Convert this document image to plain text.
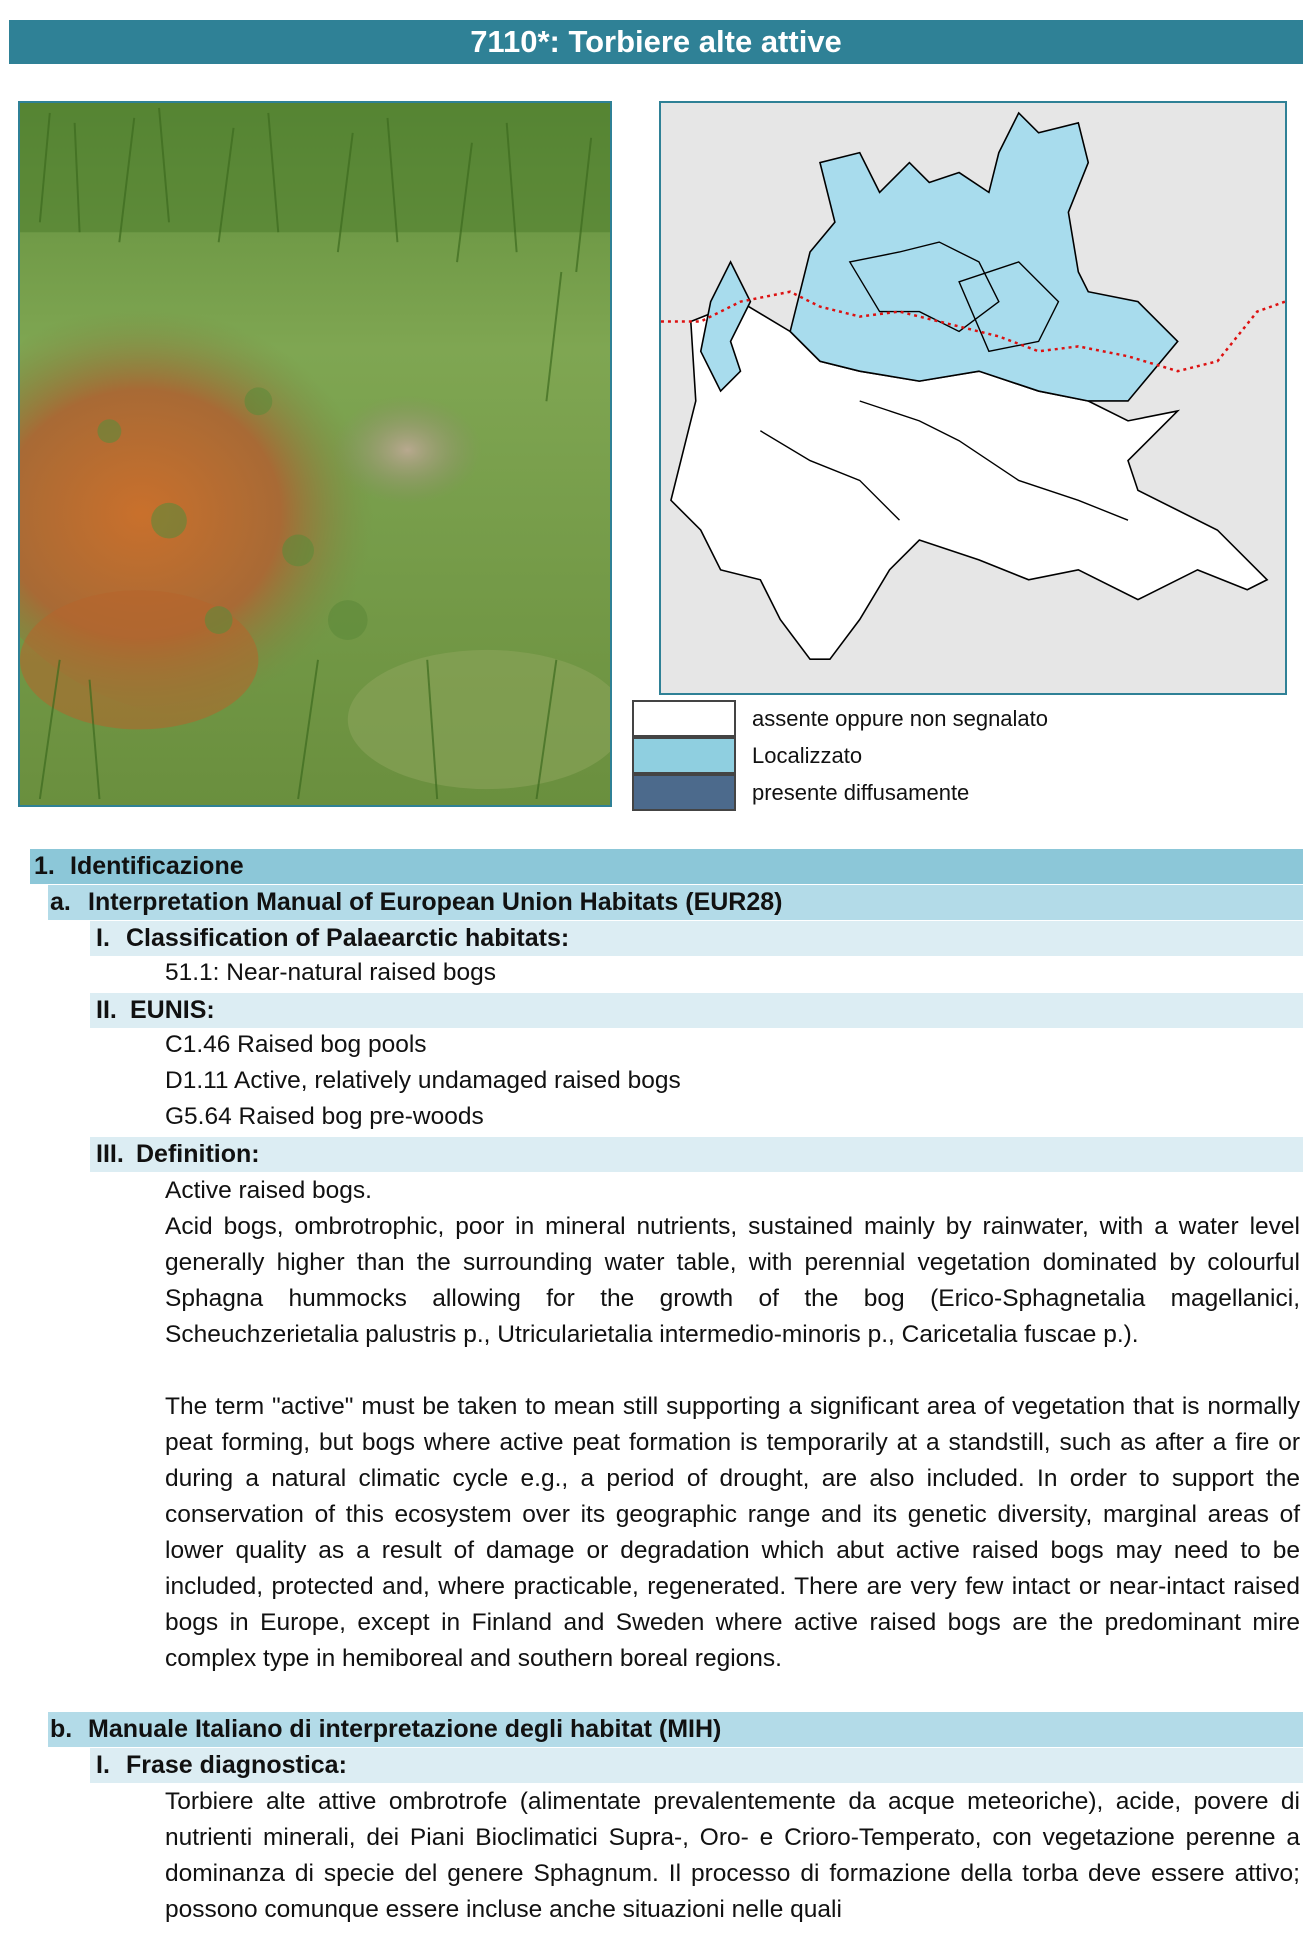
7110*: Torbiere alte attive
assente oppure non segnalato
Localizzato
presente diffusamente
1. Identificazione
a. Interpretation Manual of European Union Habitats (EUR28)
I. Classification of Palaearctic habitats:
51.1: Near-natural raised bogs
II. EUNIS:
C1.46 Raised bog pools
D1.11 Active, relatively undamaged raised bogs
G5.64 Raised bog pre-woods
III. Definition:

Active raised bogs.

Acid bogs, ombrotrophic, poor in mineral nutrients, sustained mainly by rainwater, with a water level generally higher than the surrounding water table, with perennial vegetation dominated by colourful Sphagna hummocks allowing for the growth of the bog (Erico-Sphagnetalia magellanici, Scheuchzerietalia palustris p., Utricularietalia intermedio-minoris p., Caricetalia fuscae p.).

The term "active" must be taken to mean still supporting a significant area of vegetation that is normally peat forming, but bogs where active peat formation is temporarily at a standstill, such as after a fire or during a natural climatic cycle e.g., a period of drought, are also included. In order to support the conservation of this ecosystem over its geographic range and its genetic diversity, marginal areas of lower quality as a result of damage or degradation which abut active raised bogs may need to be included, protected and, where practicable, regenerated. There are very few intact or near-intact raised bogs in Europe, except in Finland and Sweden where active raised bogs are the predominant mire complex type in hemiboreal and southern boreal regions.

b. Manuale Italiano di interpretazione degli habitat (MIH)
I. Frase diagnostica:

Torbiere alte attive ombrotrofe (alimentate prevalentemente da acque meteoriche), acide, povere di nutrienti minerali, dei Piani Bioclimatici Supra-, Oro- e Crioro-Temperato, con vegetazione perenne a dominanza di specie del genere Sphagnum. Il processo di formazione della torba deve essere attivo; possono comunque essere incluse anche situazioni nelle quali
